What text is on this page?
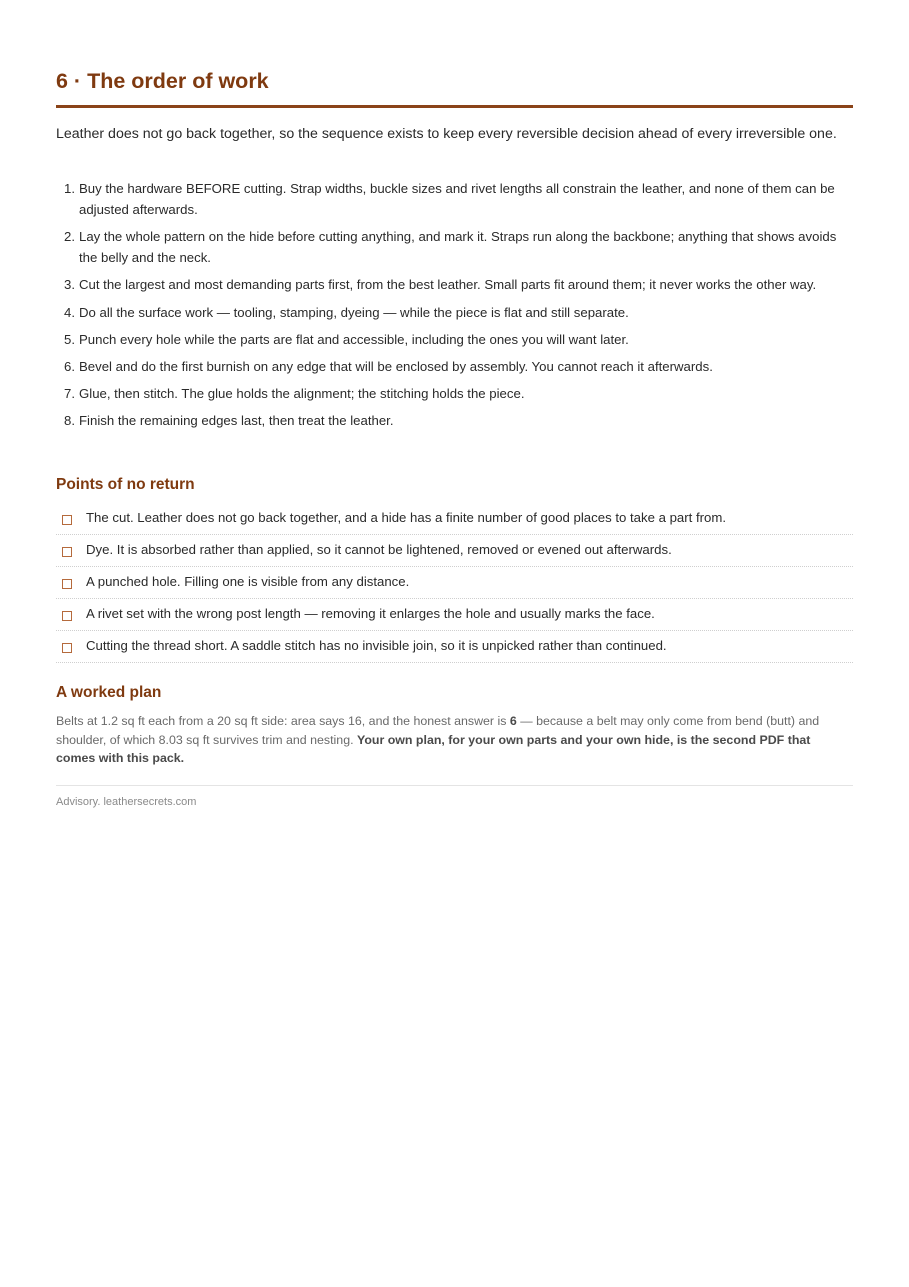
6 · The order of work

Leather does not go back together, so the sequence exists to keep every reversible decision ahead of every irreversible one.

1. Buy the hardware BEFORE cutting. Strap widths, buckle sizes and rivet lengths all constrain the leather, and none of them can be adjusted afterwards.
2. Lay the whole pattern on the hide before cutting anything, and mark it. Straps run along the backbone; anything that shows avoids the belly and the neck.
3. Cut the largest and most demanding parts first, from the best leather. Small parts fit around them; it never works the other way.
4. Do all the surface work — tooling, stamping, dyeing — while the piece is flat and still separate.
5. Punch every hole while the parts are flat and accessible, including the ones you will want later.
6. Bevel and do the first burnish on any edge that will be enclosed by assembly. You cannot reach it afterwards.
7. Glue, then stitch. The glue holds the alignment; the stitching holds the piece.
8. Finish the remaining edges last, then treat the leather.
Points of no return
The cut. Leather does not go back together, and a hide has a finite number of good places to take a part from.
Dye. It is absorbed rather than applied, so it cannot be lightened, removed or evened out afterwards.
A punched hole. Filling one is visible from any distance.
A rivet set with the wrong post length — removing it enlarges the hole and usually marks the face.
Cutting the thread short. A saddle stitch has no invisible join, so it is unpicked rather than continued.
A worked plan

Belts at 1.2 sq ft each from a 20 sq ft side: area says 16, and the honest answer is 6 — because a belt may only come from bend (butt) and shoulder, of which 8.03 sq ft survives trim and nesting. Your own plan, for your own parts and your own hide, is the second PDF that comes with this pack.

Advisory. leathersecrets.com
